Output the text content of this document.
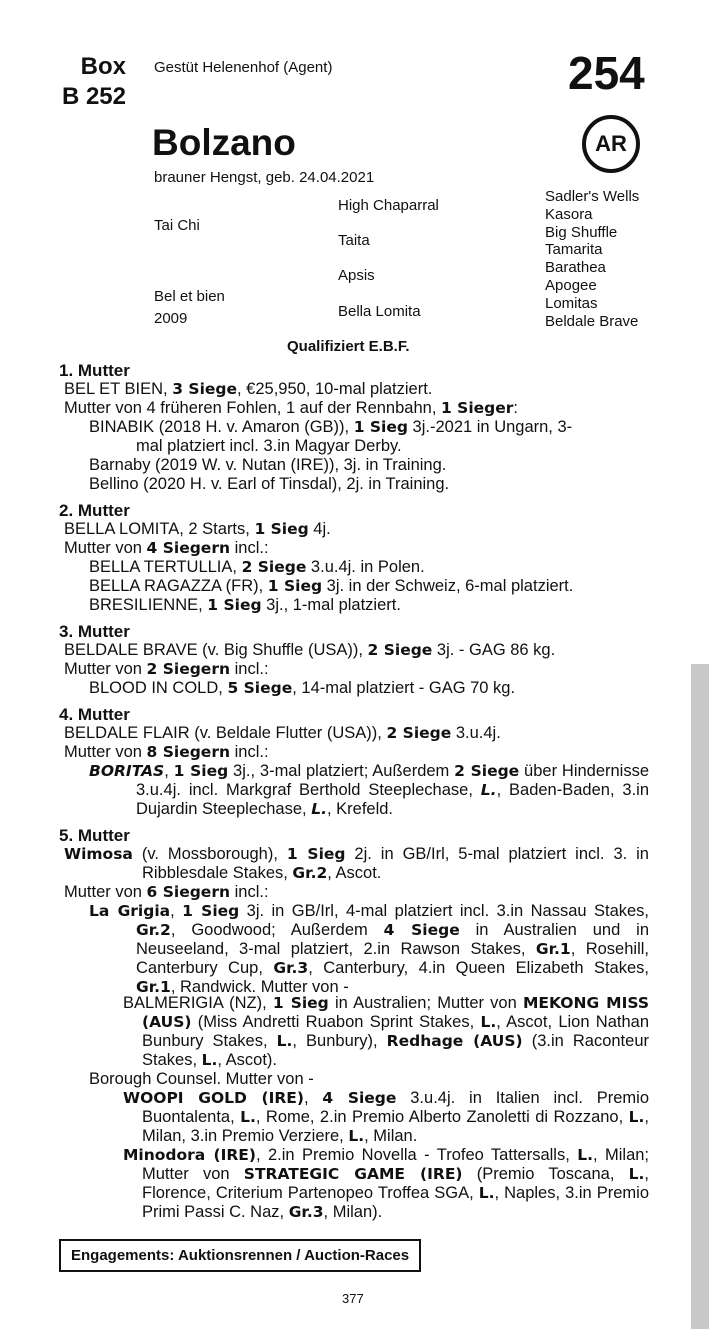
Box
B 252
Gestüt Helenenhof (Agent)	254
Bolzano	AR
brauner Hengst, geb. 24.04.2021
Tai Chi
Bel et bien
2009
High Chaparral
Taita
Apsis
Bella Lomita
Sadler's Wells
Kasora
Big Shuffle
Tamarita
Barathea
Apogee
Lomitas
Beldale Brave
Qualifiziert E.B.F.
1. Mutter
BEL ET BIEN, 3 Siege, €25,950, 10-mal platziert.
Mutter von 4 früheren Fohlen, 1 auf der Rennbahn, 1 Sieger:
BINABIK (2018 H. v. Amaron (GB)), 1 Sieg 3j.-2021 in Ungarn, 3-
mal platziert incl. 3.in Magyar Derby.
Barnaby (2019 W. v. Nutan (IRE)), 3j. in Training.
Bellino (2020 H. v. Earl of Tinsdal), 2j. in Training.
2. Mutter
BELLA LOMITA, 2 Starts, 1 Sieg 4j.
Mutter von 4 Siegern incl.:
BELLA TERTULLIA, 2 Siege 3.u.4j. in Polen.
BELLA RAGAZZA (FR), 1 Sieg 3j. in der Schweiz, 6-mal platziert.
BRESILIENNE, 1 Sieg 3j., 1-mal platziert.
3. Mutter
BELDALE BRAVE (v. Big Shuffle (USA)), 2 Siege 3j. - GAG 86 kg.
Mutter von 2 Siegern incl.:
BLOOD IN COLD, 5 Siege, 14-mal platziert - GAG 70 kg.
4. Mutter
BELDALE FLAIR (v. Beldale Flutter (USA)), 2 Siege 3.u.4j.
Mutter von 8 Siegern incl.:
BORITAS, 1 Sieg 3j., 3-mal platziert; Außerdem 2 Siege über Hindernisse 3.u.4j. incl. Markgraf Berthold Steeplechase, L., Baden-Baden, 3.in Dujardin Steeplechase, L., Krefeld.
5. Mutter
Wimosa (v. Mossborough), 1 Sieg 2j. in GB/Irl, 5-mal platziert incl. 3. in Ribblesdale Stakes, Gr.2, Ascot.
Mutter von 6 Siegern incl.:
La Grigia, 1 Sieg 3j. in GB/Irl, 4-mal platziert incl. 3.in Nassau Stakes, Gr.2, Goodwood; Außerdem 4 Siege in Australien und in Neuseeland, 3-mal platziert, 2.in Rawson Stakes, Gr.1, Rosehill, Canterbury Cup, Gr.3, Canterbury, 4.in Queen Elizabeth Stakes, Gr.1, Randwick. Mutter von -
BALMERIGIA (NZ), 1 Sieg in Australien; Mutter von MEKONG MISS (AUS) (Miss Andretti Ruabon Sprint Stakes, L., Ascot, Lion Nathan Bunbury Stakes, L., Bunbury), Redhage (AUS) (3.in Raconteur Stakes, L., Ascot).
Borough Counsel. Mutter von -
WOOPI GOLD (IRE), 4 Siege 3.u.4j. in Italien incl. Premio Buontalenta, L., Rome, 2.in Premio Alberto Zanoletti di Rozzano, L., Milan, 3.in Premio Verziere, L., Milan.
Minodora (IRE), 2.in Premio Novella - Trofeo Tattersalls, L., Milan; Mutter von STRATEGIC GAME (IRE) (Premio Toscana, L., Florence, Criterium Partenopeo Troffea SGA, L., Naples, 3.in Premio Primi Passi C. Naz, Gr.3, Milan).
Engagements: Auktionsrennen / Auction-Races
377
